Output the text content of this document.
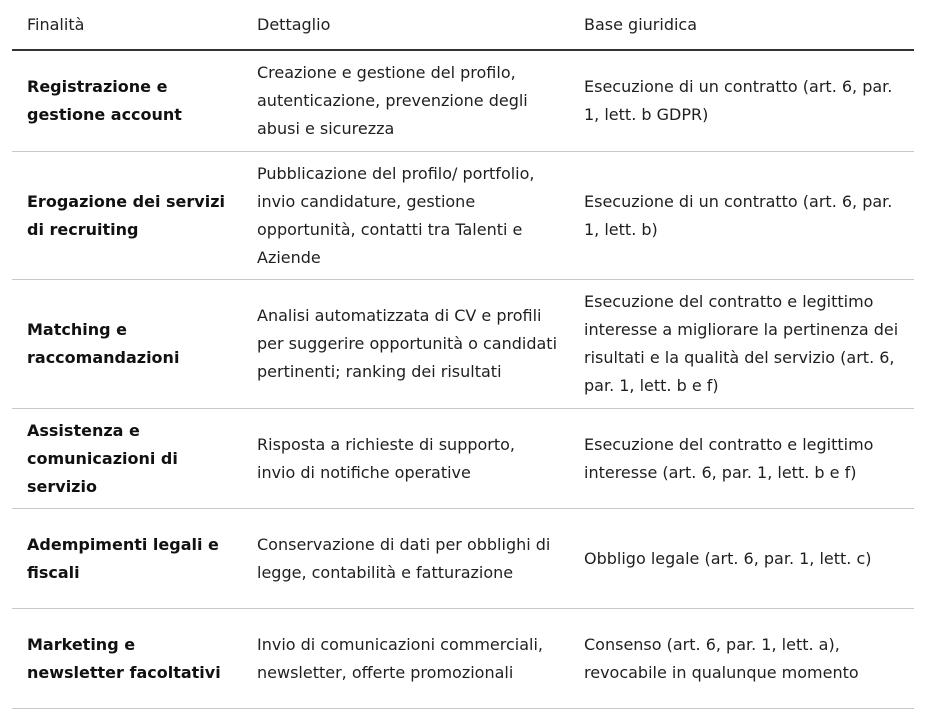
Finalità	Dettaglio	Base giuridica
Registrazione e gestione account
Creazione e gestione del profilo, autenticazione, prevenzione degli abusi e sicurezza
Esecuzione di un contratto (art. 6, par. 1, lett. b GDPR)
Erogazione dei servizi di recruiting
Pubblicazione del profilo/ portfolio, invio candidature, gestione opportunità, contatti tra Talenti e Aziende
Esecuzione di un contratto (art. 6, par. 1, lett. b)
Matching e raccomandazioni
Analisi automatizzata di CV e profili per suggerire opportunità o candidati pertinenti; ranking dei risultati
Esecuzione del contratto e legittimo interesse a migliorare la pertinenza dei risultati e la qualità del servizio (art. 6, par. 1, lett. b e f)
Assistenza e comunicazioni di servizio
Risposta a richieste di supporto, invio di notifiche operative
Esecuzione del contratto e legittimo interesse (art. 6, par. 1, lett. b e f)
Adempimenti legali e fiscali
Conservazione di dati per obblighi di legge, contabilità e fatturazione
Obbligo legale (art. 6, par. 1, lett. c)
Marketing e newsletter facoltativi
Invio di comunicazioni commerciali, newsletter, offerte promozionali
Consenso (art. 6, par. 1, lett. a), revocabile in qualunque momento
